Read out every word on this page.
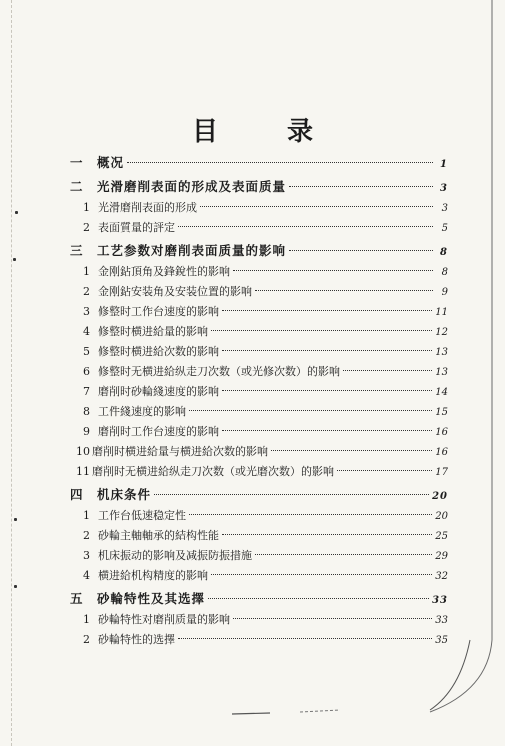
目 录
一	概况	1
二	光滑磨削表面的形成及表面质量	3
1 光滑磨削表面的形成	3
2 表面質量的評定	5
三	工艺参数对磨削表面质量的影响	8
1 金刚鉆頂角及鋒銳性的影响	8
2 金刚鉆安装角及安装位置的影响	9
3 修整时工作台速度的影响	11
4 修整时横进給量的影响	12
5 修整时横进給次数的影响	13
6 修整时无横进給纵走刀次数（或光修次数）的影响	13
7 磨削时砂輪綫速度的影响	14
8 工件綫速度的影响	15
9 磨削时工作台速度的影响	16
10 磨削时横进給量与横进給次数的影响	16
11 磨削时无横进給纵走刀次数（或光磨次数）的影响	17
四	机床条件	20
1 工作台低速稳定性	20
2 砂輪主軸軸承的結构性能	25
3 机床振动的影响及减振防振措施	29
4 横进給机构精度的影响	32
五	砂輪特性及其选擇	33
1 砂輪特性对磨削质量的影响	33
2 砂輪特性的选擇	35
